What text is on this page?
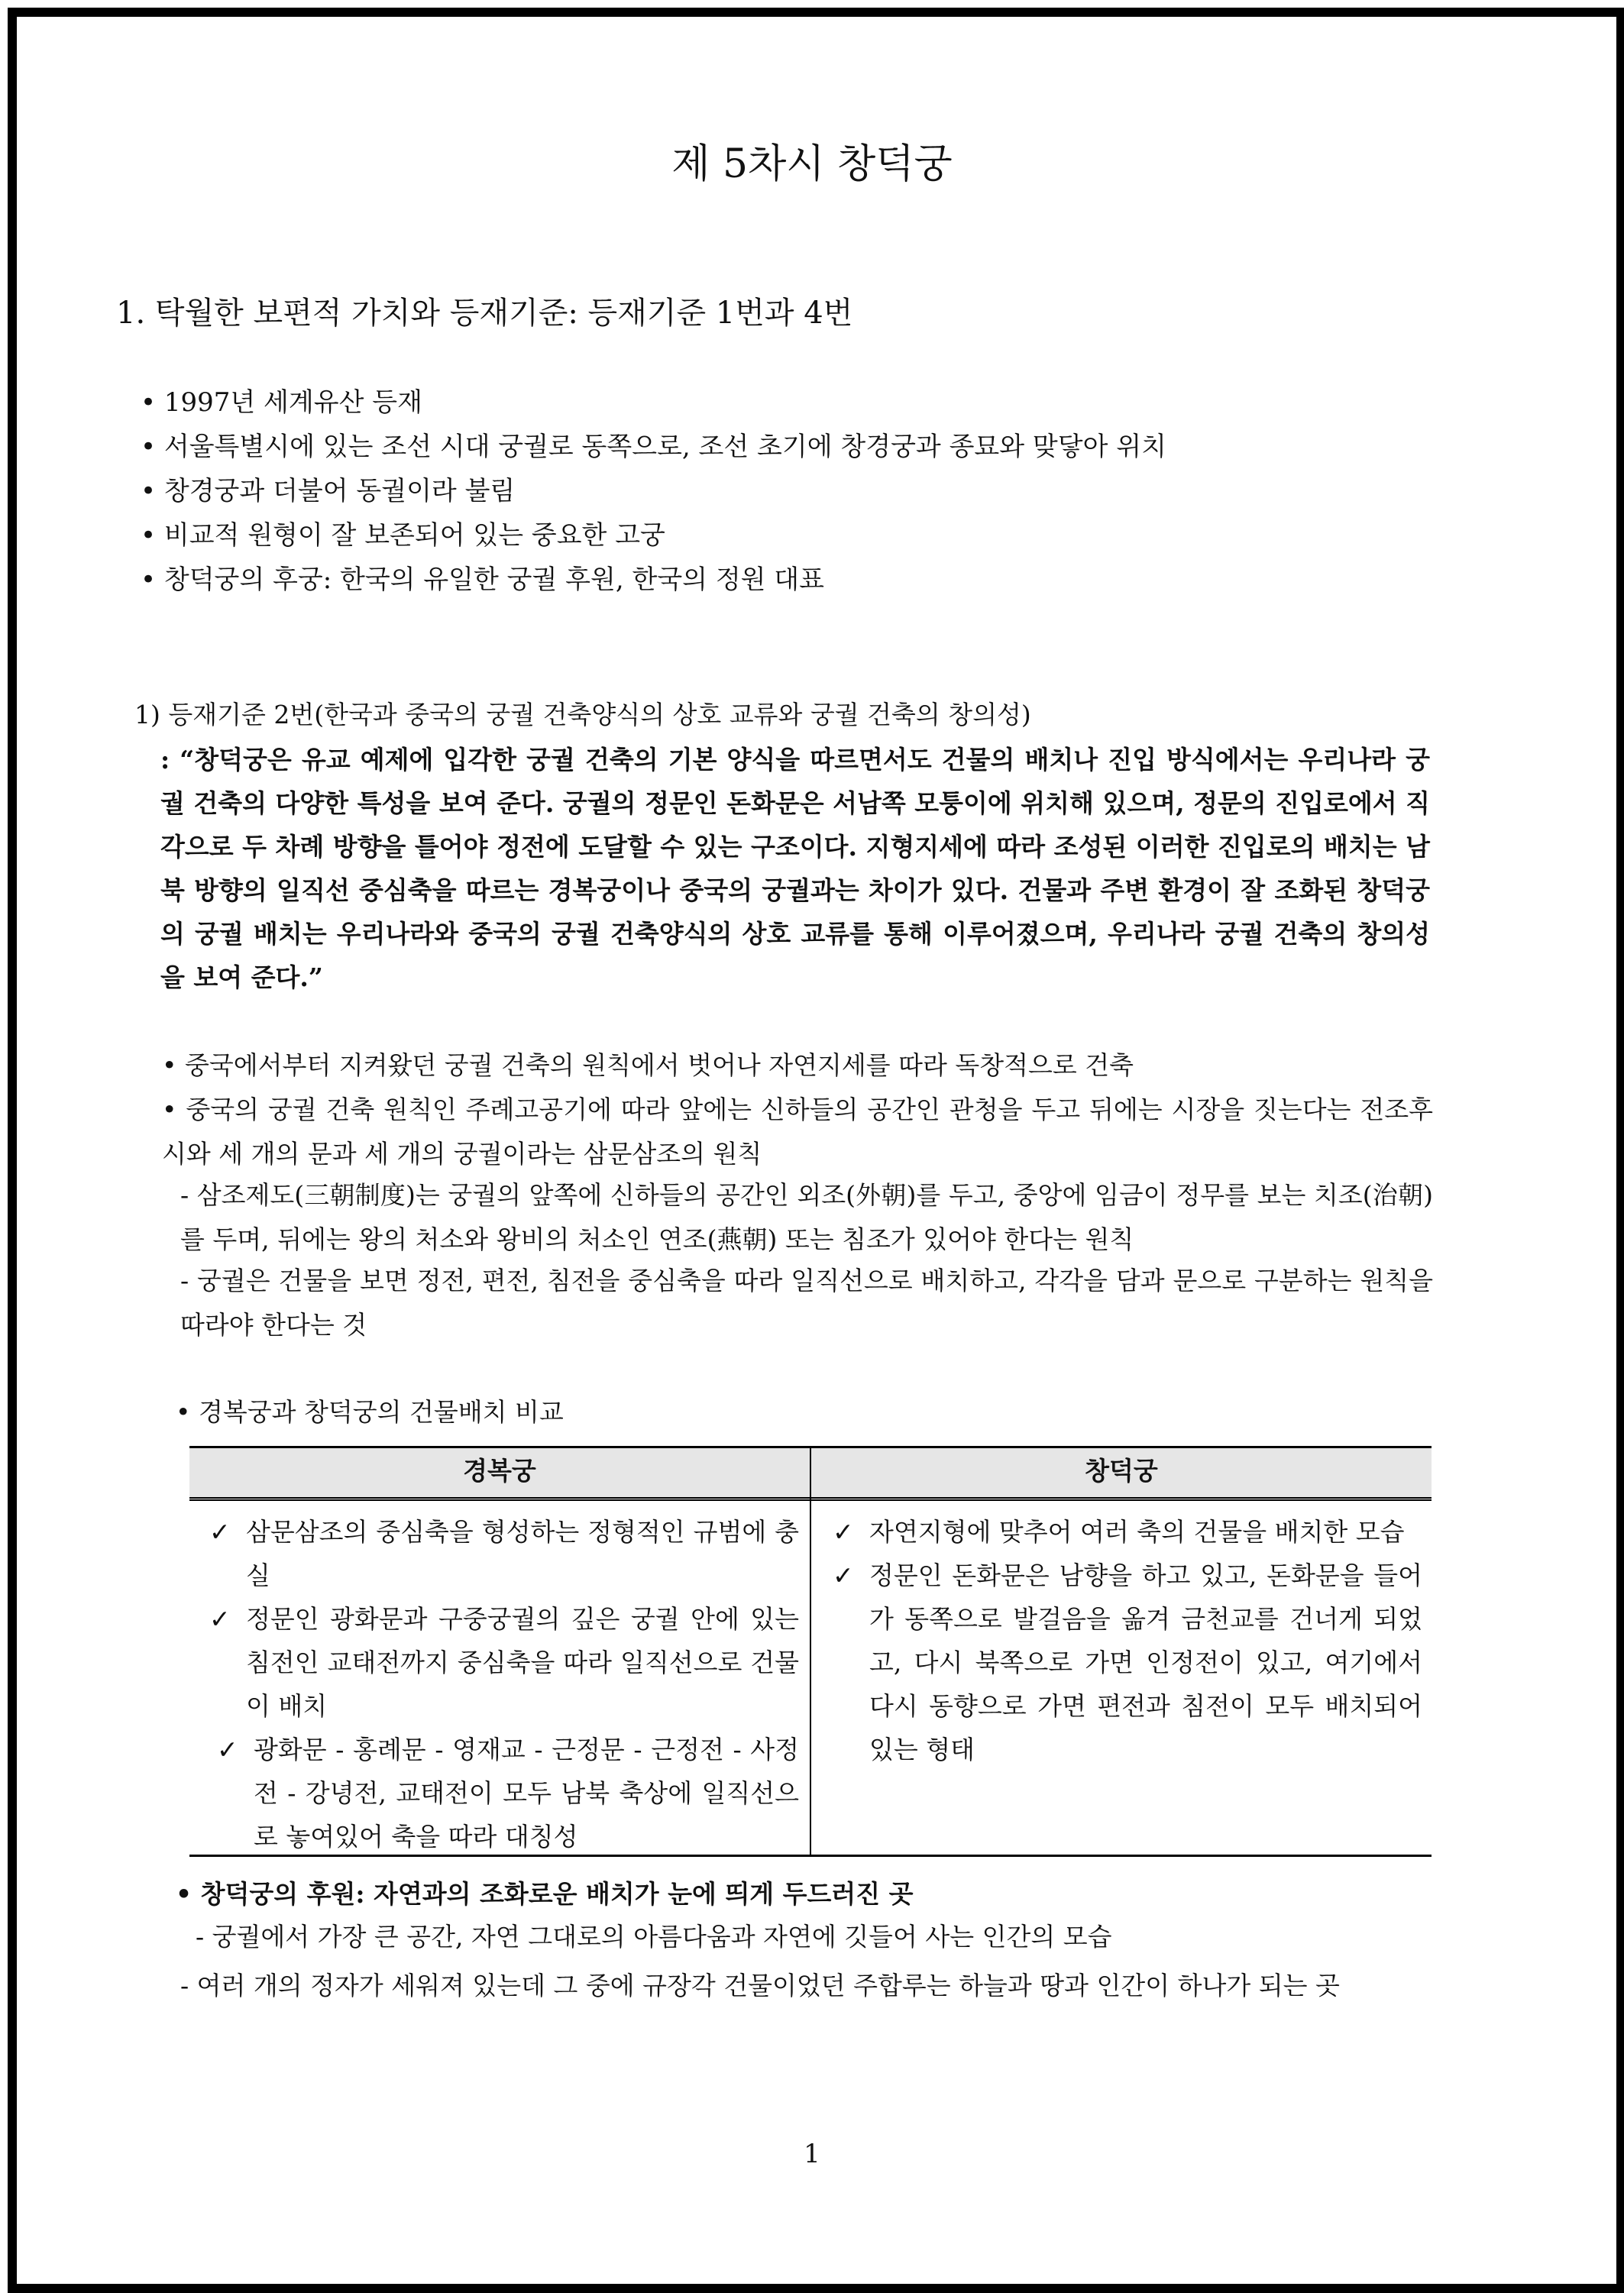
제 5차시 창덕궁
1. 탁월한 보편적 가치와 등재기준: 등재기준 1번과 4번
• 1997년 세계유산 등재
• 서울특별시에 있는 조선 시대 궁궐로 동쪽으로, 조선 초기에 창경궁과 종묘와 맞닿아 위치
• 창경궁과 더불어 동궐이라 불림
• 비교적 원형이 잘 보존되어 있는 중요한 고궁
• 창덕궁의 후궁: 한국의 유일한 궁궐 후원, 한국의 정원 대표
1) 등재기준 2번(한국과 중국의 궁궐 건축양식의 상호 교류와 궁궐 건축의 창의성)

: “창덕궁은 유교 예제에 입각한 궁궐 건축의 기본 양식을 따르면서도 건물의 배치나 진입 방식에서는 우리나라 궁궐 건축의 다양한 특성을 보여 준다. 궁궐의 정문인 돈화문은 서남쪽 모퉁이에 위치해 있으며, 정문의 진입로에서 직각으로 두 차례 방향을 틀어야 정전에 도달할 수 있는 구조이다. 지형지세에 따라 조성된 이러한 진입로의 배치는 남북 방향의 일직선 중심축을 따르는 경복궁이나 중국의 궁궐과는 차이가 있다. 건물과 주변 환경이 잘 조화된 창덕궁의 궁궐 배치는 우리나라와 중국의 궁궐 건축양식의 상호 교류를 통해 이루어졌으며, 우리나라 궁궐 건축의 창의성을 보여 준다.”

• 중국에서부터 지켜왔던 궁궐 건축의 원칙에서 벗어나 자연지세를 따라 독창적으로 건축
• 중국의 궁궐 건축 원칙인 주례고공기에 따라 앞에는 신하들의 공간인 관청을 두고 뒤에는 시장을 짓는다는 전조후시와 세 개의 문과 세 개의 궁궐이라는 삼문삼조의 원칙
- 삼조제도(三朝制度)는 궁궐의 앞쪽에 신하들의 공간인 외조(外朝)를 두고, 중앙에 임금이 정무를 보는 치조(治朝)를 두며, 뒤에는 왕의 처소와 왕비의 처소인 연조(燕朝) 또는 침조가 있어야 한다는 원칙
- 궁궐은 건물을 보면 정전, 편전, 침전을 중심축을 따라 일직선으로 배치하고, 각각을 담과 문으로 구분하는 원칙을 따라야 한다는 것
• 경복궁과 창덕궁의 건물배치 비교
경복궁	창덕궁
✓ 삼문삼조의 중심축을 형성하는 정형적인 규범에 충실
✓ 정문인 광화문과 구중궁궐의 깊은 궁궐 안에 있는 침전인 교태전까지 중심축을 따라 일직선으로 건물이 배치
✓ 광화문 - 홍례문 - 영재교 - 근정문 - 근정전 - 사정전 - 강녕전, 교태전이 모두 남북 축상에 일직선으로 놓여있어 축을 따라 대칭성
✓ 자연지형에 맞추어 여러 축의 건물을 배치한 모습
✓ 정문인 돈화문은 남향을 하고 있고, 돈화문을 들어가 동쪽으로 발걸음을 옮겨 금천교를 건너게 되었고, 다시 북쪽으로 가면 인정전이 있고, 여기에서 다시 동향으로 가면 편전과 침전이 모두 배치되어 있는 형태
• 창덕궁의 후원: 자연과의 조화로운 배치가 눈에 띄게 두드러진 곳
- 궁궐에서 가장 큰 공간, 자연 그대로의 아름다움과 자연에 깃들어 사는 인간의 모습
- 여러 개의 정자가 세워져 있는데 그 중에 규장각 건물이었던 주합루는 하늘과 땅과 인간이 하나가 되는 곳
1
